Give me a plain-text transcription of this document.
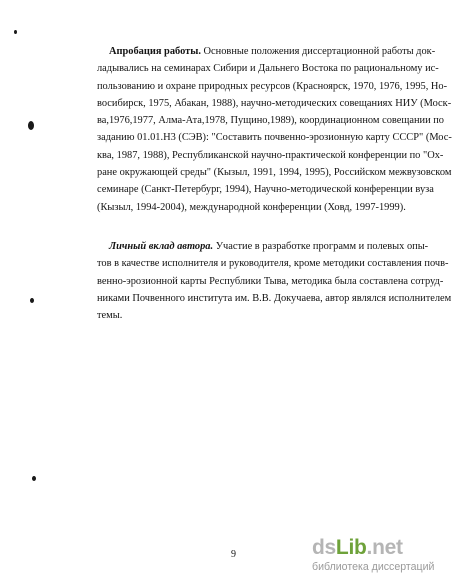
Апробация работы. Основные положения диссертационной работы док-
ладывались на семинарах Сибири и Дальнего Востока по рациональному ис-
пользованию и охране природных ресурсов (Красноярск, 1970, 1976, 1995, Но-
восибирск, 1975, Абакан, 1988), научно-методических совещаниях НИУ (Моск-
ва,1976,1977, Алма-Ата,1978, Пущино,1989), координационном совещании по
заданию 01.01.Н3 (СЭВ): "Составить почвенно-эрозионную карту СССР" (Мос-
ква, 1987, 1988), Республиканской научно-практической конференции по "Ох-
ране окружающей среды" (Кызыл, 1991, 1994, 1995), Российском межвузовском
семинаре (Санкт-Петербург, 1994), Научно-методической конференции вуза
(Кызыл, 1994-2004), международной конференции (Ховд, 1997-1999).
Личный вклад автора. Участие в разработке программ и полевых опы-
тов в качестве исполнителя и руководителя, кроме методики составления почв-
венно-эрозионной карты Республики Тыва, методика была составлена сотруд-
никами Почвенного института им. В.В. Докучаева, автор являлся исполнителем
темы.
9	dsLib.net
библиотека диссертаций
